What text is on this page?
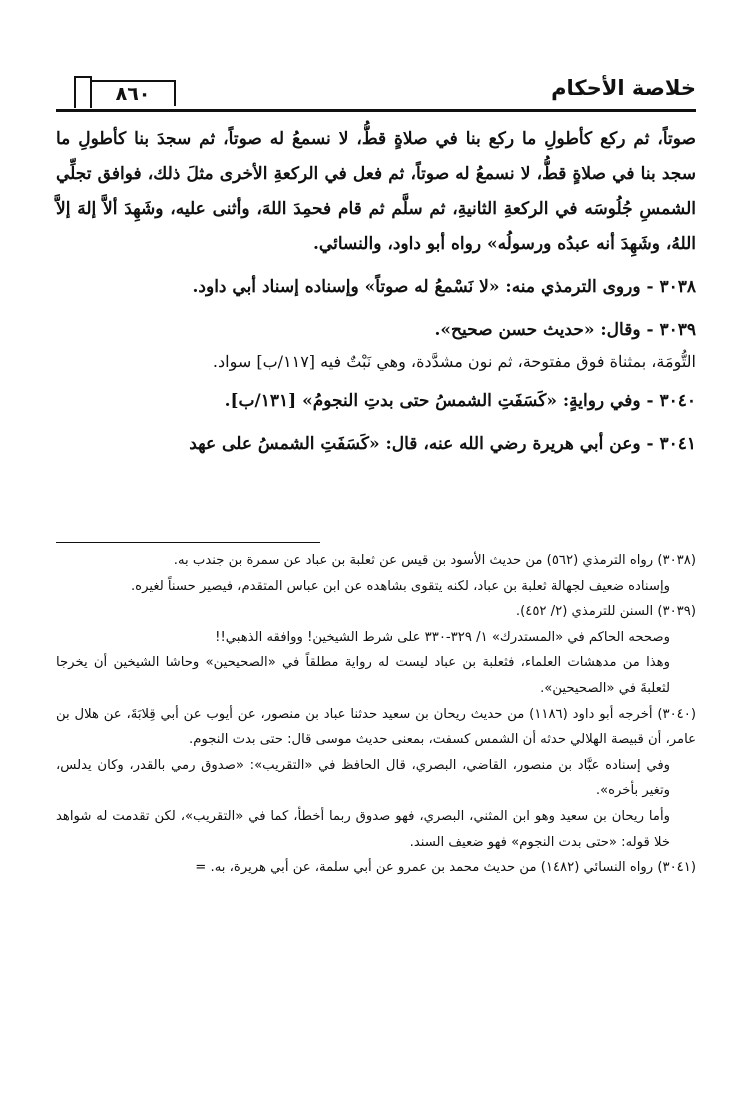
خلاصة الأحكام
٨٦٠

صوتاً، ثم ركع كأطولِ ما ركع بنا في صلاةٍ قطُّ، لا نسمعُ له صوتاً، ثم سجدَ بنا كأطولِ ما سجد بنا في صلاةٍ قطُّ، لا نسمعُ له صوتاً، ثم فعل في الركعةِ الأخرى مثلَ ذلك، فوافق تجلِّي الشمسِ جُلُوسَه في الركعةِ الثانيةِ، ثم سلَّم ثم قام فحمِدَ اللهَ، وأثنى عليه، وشَهِدَ ألاَّ إلهَ إلاَّ اللهُ، وشَهِدَ أنه عبدُه ورسولُه» رواه أبو داود، والنسائي.

٣٠٣٨ - وروى الترمذي منه: «لا نَسْمعُ له صوتاً» وإسناده إسناد أبي داود.

٣٠٣٩ - وقال: «حديث حسن صحيح».

التُّومَة، بمثناة فوق مفتوحة، ثم نون مشدَّدة، وهي نَبْتٌ فيه [١١٧/ب] سواد.

٣٠٤٠ - وفي روايةٍ: «كَسَفَتِ الشمسُ حتى بدتِ النجومُ» [١٣١/ب].

٣٠٤١ - وعن أبي هريرة رضي الله عنه، قال: «كَسَفَتِ الشمسُ على عهد

(٣٠٣٨) رواه الترمذي (٥٦٢) من حديث الأسود بن قيس عن ثعلبة بن عباد عن سمرة بن جندب به.

وإسناده ضعيف لجهالة ثعلبة بن عباد، لكنه يتقوى بشاهده عن ابن عباس المتقدم، فيصير حسناً لغيره.

(٣٠٣٩) السنن للترمذي (٢/ ٤٥٢).

وصححه الحاكم في «المستدرك» ١/ ٣٢٩-٣٣٠ على شرط الشيخين! ووافقه الذهبي!!

وهذا من مدهشات العلماء، فثعلبة بن عباد ليست له رواية مطلقاً في «الصحيحين» وحاشا الشيخين أن يخرجا لثعلبةَ في «الصحيحين».

(٣٠٤٠) أخرجه أبو داود (١١٨٦) من حديث ريحان بن سعيد حدثنا عباد بن منصور، عن أيوب عن أبي قِلابَةَ، عن هلال بن عامر، أن قبيصة الهلالي حدثه أن الشمس كسفت، بمعنى حديث موسى قال: حتى بدت النجوم.

وفي إسناده عبَّاد بن منصور، القاضي، البصري، قال الحافظ في «التقريب»: «صدوق رمي بالقدر، وكان يدلس، وتغير بأخره».

وأما ريحان بن سعيد وهو ابن المثني، البصري، فهو صدوق ربما أخطأ، كما في «التقريب»، لكن تقدمت له شواهد خلا قوله: «حتى بدت النجوم» فهو ضعيف السند.

(٣٠٤١) رواه النسائي (١٤٨٢) من حديث محمد بن عمرو عن أبي سلمة، عن أبي هريرة، به. =
